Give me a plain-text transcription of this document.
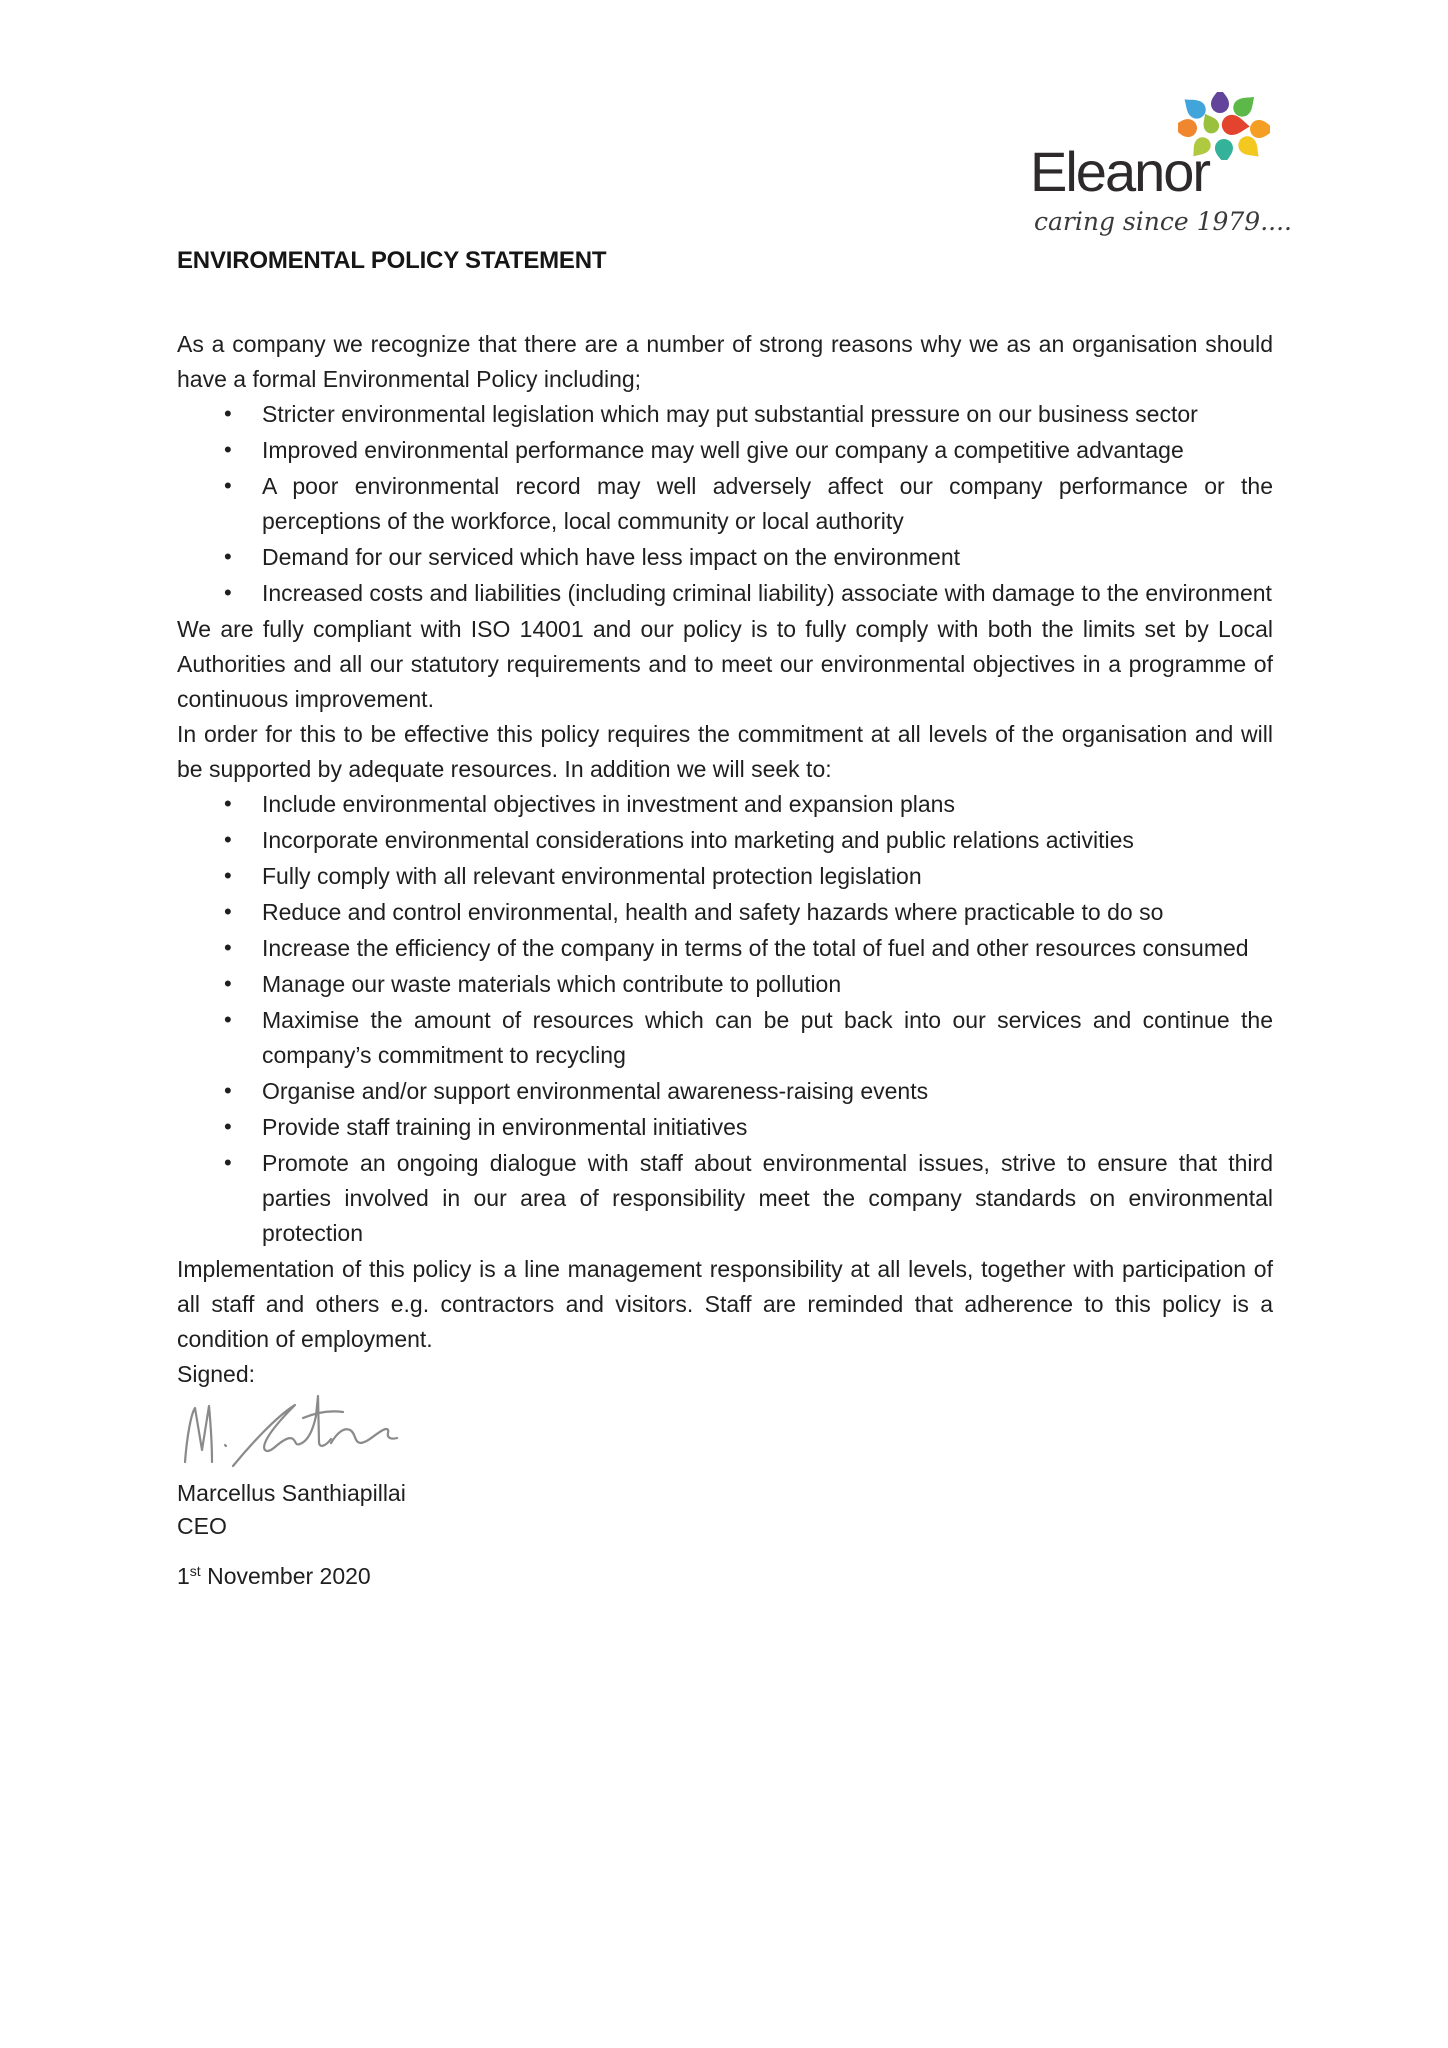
Eleanor
caring since 1979....
ENVIROMENTAL POLICY STATEMENT

As a company we recognize that there are a number of strong reasons why we as an organisation should have a formal Environmental Policy including;

• Stricter environmental legislation which may put substantial pressure on our business sector
• Improved environmental performance may well give our company a competitive advantage
• A poor environmental record may well adversely affect our company performance or the perceptions of the workforce, local community or local authority
• Demand for our serviced which have less impact on the environment
• Increased costs and liabilities (including criminal liability) associate with damage to the environment

We are fully compliant with ISO 14001 and our policy is to fully comply with both the limits set by Local Authorities and all our statutory requirements and to meet our environmental objectives in a programme of continuous improvement.

In order for this to be effective this policy requires the commitment at all levels of the organisation and will be supported by adequate resources. In addition we will seek to:

• Include environmental objectives in investment and expansion plans
• Incorporate environmental considerations into marketing and public relations activities
• Fully comply with all relevant environmental protection legislation
• Reduce and control environmental, health and safety hazards where practicable to do so
• Increase the efficiency of the company in terms of the total of fuel and other resources consumed
• Manage our waste materials which contribute to pollution
• Maximise the amount of resources which can be put back into our services and continue the company’s commitment to recycling
• Organise and/or support environmental awareness-raising events
• Provide staff training in environmental initiatives
• Promote an ongoing dialogue with staff about environmental issues, strive to ensure that third parties involved in our area of responsibility meet the company standards on environmental protection

Implementation of this policy is a line management responsibility at all levels, together with participation of all staff and others e.g. contractors and visitors. Staff are reminded that adherence to this policy is a condition of employment.

Signed:

Marcellus Santhiapillai

CEO

1st November 2020
